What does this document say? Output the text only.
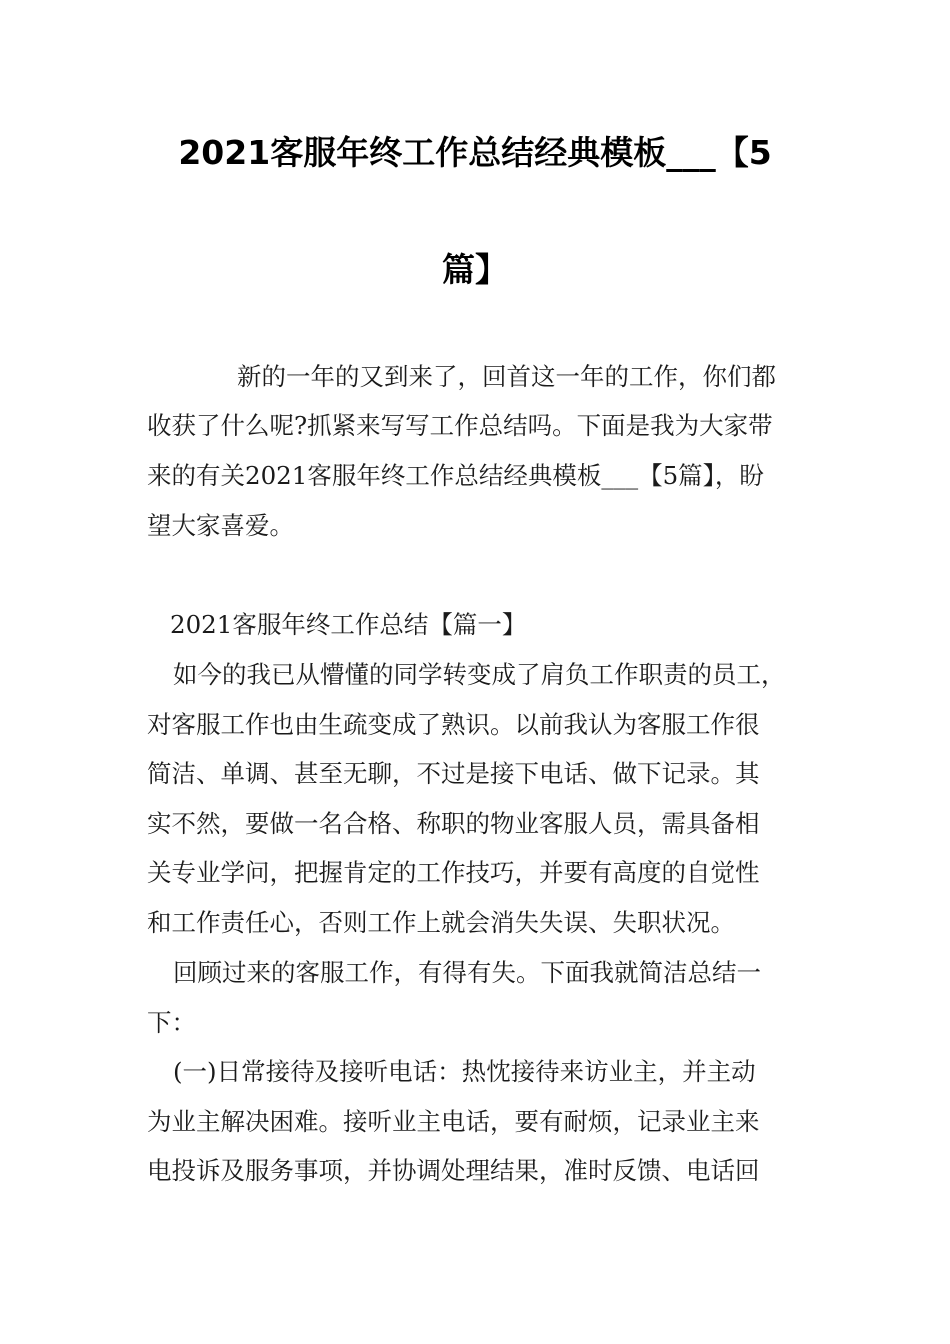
2021客服年终工作总结经典模板___【5
篇】
新的一年的又到来了，回首这一年的工作，你们都
收获了什么呢?抓紧来写写工作总结吗。下面是我为大家带
来的有关2021客服年终工作总结经典模板___【5篇】，盼
望大家喜爱。
2021客服年终工作总结【篇一】
如今的我已从懵懂的同学转变成了肩负工作职责的员工，
对客服工作也由生疏变成了熟识。以前我认为客服工作很
简洁、单调、甚至无聊，不过是接下电话、做下记录。其
实不然，要做一名合格、称职的物业客服人员，需具备相
关专业学问，把握肯定的工作技巧，并要有高度的自觉性
和工作责任心，否则工作上就会消失失误、失职状况。
回顾过来的客服工作，有得有失。下面我就简洁总结一
下：
(一)日常接待及接听电话：热忱接待来访业主，并主动
为业主解决困难。接听业主电话，要有耐烦，记录业主来
电投诉及服务事项，并协调处理结果，准时反馈、电话回
